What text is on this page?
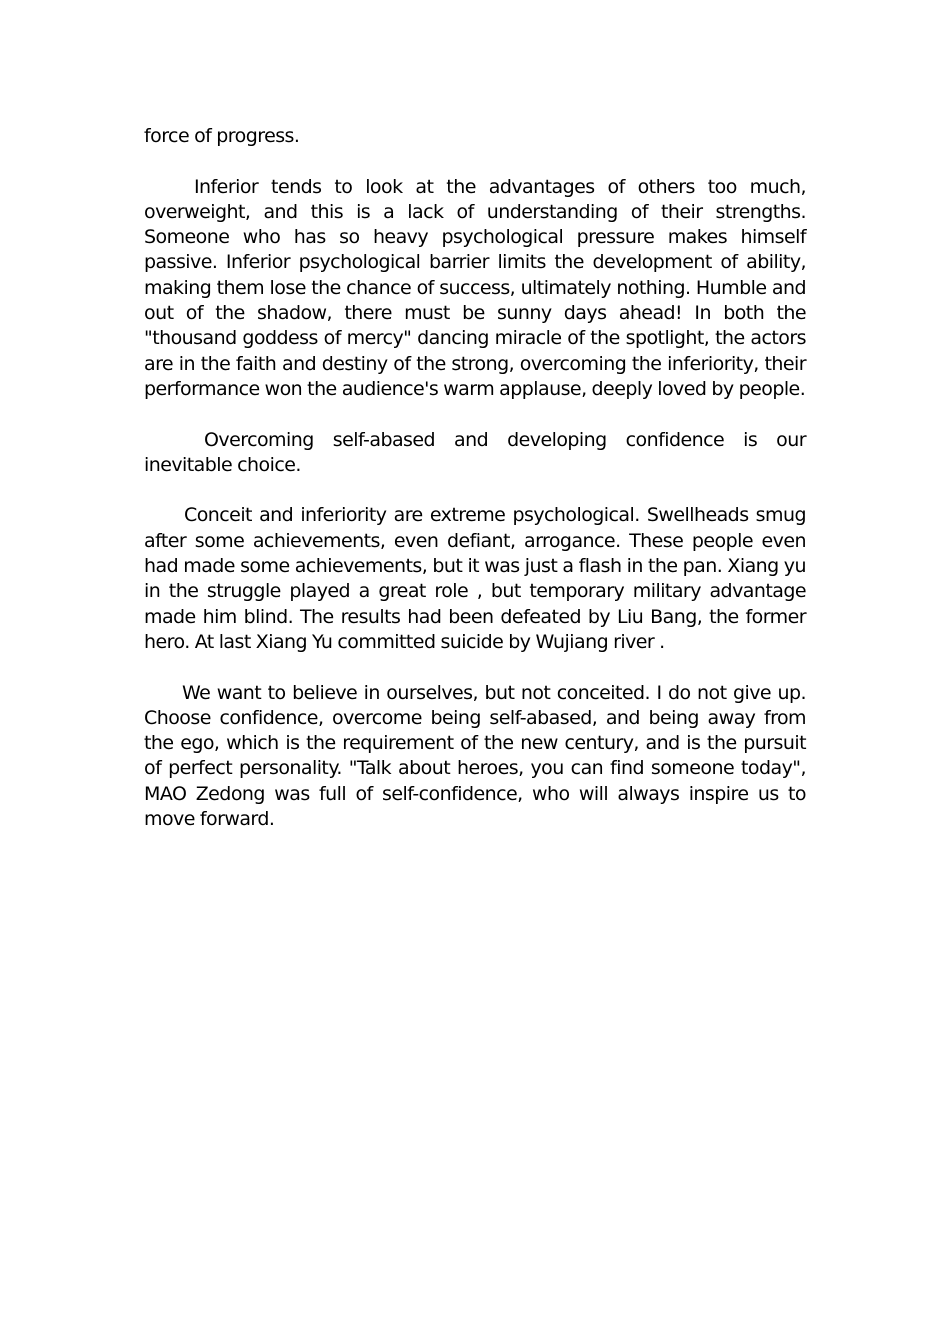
force of progress.

Inferior tends to look at the advantages of others too much, overweight, and this is a lack of understanding of their strengths. Someone who has so heavy psychological pressure makes himself passive. Inferior psychological barrier limits the development of ability, making them lose the chance of success, ultimately nothing. Humble and out of the shadow, there must be sunny days ahead! In both the "thousand goddess of mercy" dancing miracle of the spotlight, the actors are in the faith and destiny of the strong, overcoming the inferiority, their performance won the audience's warm applause, deeply loved by people.

Overcoming self-abased and developing confidence is our inevitable choice.

Conceit and inferiority are extreme psychological. Swellheads smug after some achievements, even defiant, arrogance. These people even had made some achievements, but it was just a flash in the pan. Xiang yu in the struggle played a great role , but temporary military advantage made him blind. The results had been defeated by Liu Bang, the former hero. At last Xiang Yu committed suicide by Wujiang river .

We want to believe in ourselves, but not conceited. I do not give up. Choose confidence, overcome being self-abased, and being away from the ego, which is the requirement of the new century, and is the pursuit of perfect personality. "Talk about heroes, you can find someone today", MAO Zedong was full of self-confidence, who will always inspire us to move forward.
